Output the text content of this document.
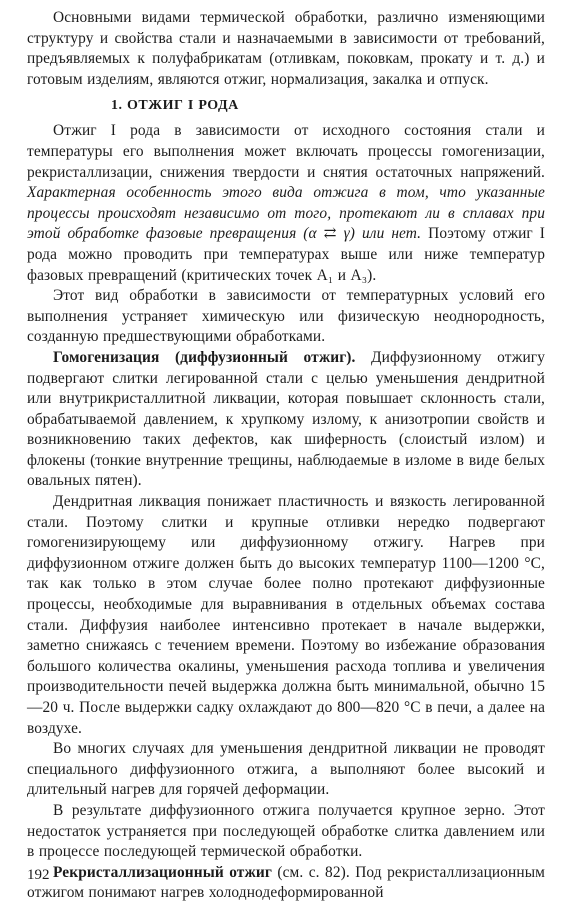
Основными видами термической обработки, различно изменяющими структуру и свойства стали и назначаемыми в зависимости от требований, предъявляемых к полуфабрикатам (отливкам, поковкам, прокату и т. д.) и готовым изделиям, являются отжиг, нормализация, закалка и отпуск.

1. ОТЖИГ I РОДА

Отжиг I рода в зависимости от исходного состояния стали и температуры его выполнения может включать процессы гомогенизации, рекристаллизации, снижения твердости и снятия остаточных напряжений. Характерная особенность этого вида отжига в том, что указанные процессы происходят независимо от того, протекают ли в сплавах при этой обработке фазовые превращения (α ⇄ γ) или нет. Поэтому отжиг I рода можно проводить при температурах выше или ниже температур фазовых превращений (критических точек A₁ и A₃).

Этот вид обработки в зависимости от температурных условий его выполнения устраняет химическую или физическую неоднородность, созданную предшествующими обработками.

Гомогенизация (диффузионный отжиг). Диффузионному отжигу подвергают слитки легированной стали с целью уменьшения дендритной или внутрикристаллитной ликвации, которая повышает склонность стали, обрабатываемой давлением, к хрупкому излому, к анизотропии свойств и возникновению таких дефектов, как шиферность (слоистый излом) и флокены (тонкие внутренние трещины, наблюдаемые в изломе в виде белых овальных пятен).

Дендритная ликвация понижает пластичность и вязкость легированной стали. Поэтому слитки и крупные отливки нередко подвергают гомогенизирующему или диффузионному отжигу. Нагрев при диффузионном отжиге должен быть до высоких температур 1100—1200 °С, так как только в этом случае более полно протекают диффузионные процессы, необходимые для выравнивания в отдельных объемах состава стали. Диффузия наиболее интенсивно протекает в начале выдержки, заметно снижаясь с течением времени. Поэтому во избежание образования большого количества окалины, уменьшения расхода топлива и увеличения производительности печей выдержка должна быть минимальной, обычно 15—20 ч. После выдержки садку охлаждают до 800—820 °С в печи, а далее на воздухе.

Во многих случаях для уменьшения дендритной ликвации не проводят специального диффузионного отжига, а выполняют более высокий и длительный нагрев для горячей деформации.

В результате диффузионного отжига получается крупное зерно. Этот недостаток устраняется при последующей обработке слитка давлением или в процессе последующей термической обработки.

Рекристаллизационный отжиг (см. с. 82). Под рекристаллизационным отжигом понимают нагрев холоднодеформированной

192
